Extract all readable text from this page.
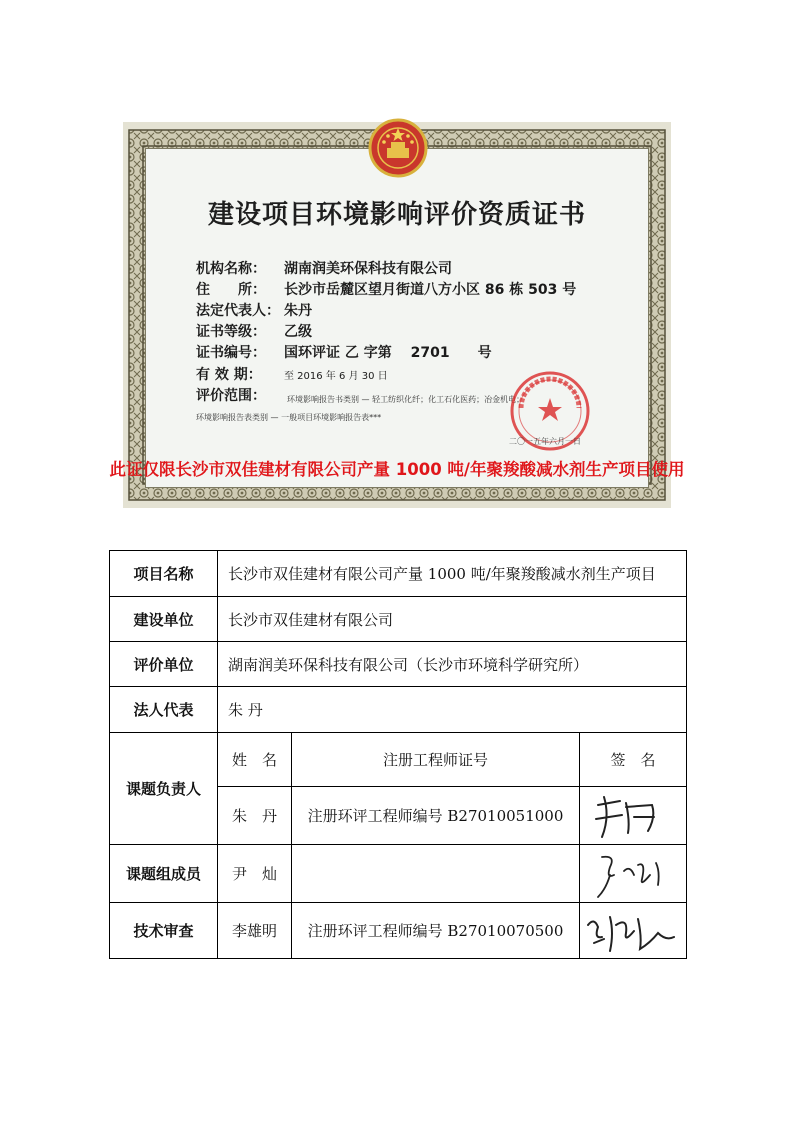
建设项目环境影响评价资质证书
机构名称： 湖南润美环保科技有限公司
住　　所： 长沙市岳麓区望月街道八方小区 86 栋 503 号
法定代表人： 朱丹
证书等级： 乙级
证书编号： 国环评证 乙 字第　 2701　　号
有 效 期： 至 2016 年 6 月 30 日
评价范围：	环境影响报告书类别 — 轻工纺织化纤；化工石化医药；冶金机电；
环境影响报告表类别 — 一般项目环境影响报告表***
二〇一五年六月一日
此证仅限长沙市双佳建材有限公司产量 1000 吨/年聚羧酸减水剂生产项目使用
项目名称	长沙市双佳建材有限公司产量 1000 吨/年聚羧酸减水剂生产项目		
建设单位	长沙市双佳建材有限公司		
评价单位	湖南润美环保科技有限公司（长沙市环境科学研究所）		
法人代表	朱 丹		
课题负责人	姓　名	注册工程师证号	签　名
	朱　丹	注册环评工程师编号 B27010051000	

课题组成员	尹　灿		

技术审查	李雄明	注册环评工程师编号 B27010070500	
